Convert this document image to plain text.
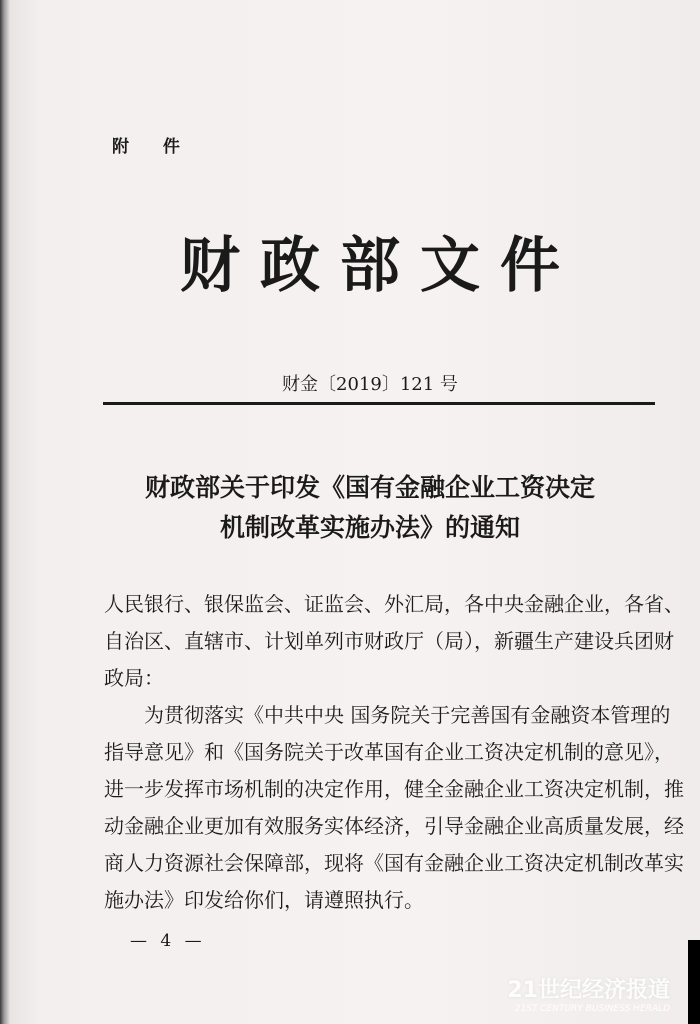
附 件
财政部文件
财金〔2019〕121 号
财政部关于印发《国有金融企业工资决定
机制改革实施办法》的通知

人民银行、银保监会、证监会、外汇局，各中央金融企业，各省、自治区、直辖市、计划单列市财政厅（局），新疆生产建设兵团财政局：

为贯彻落实《中共中央 国务院关于完善国有金融资本管理的指导意见》和《国务院关于改革国有企业工资决定机制的意见》，进一步发挥市场机制的决定作用，健全金融企业工资决定机制，推动金融企业更加有效服务实体经济，引导金融企业高质量发展，经商人力资源社会保障部，现将《国有金融企业工资决定机制改革实施办法》印发给你们，请遵照执行。

— 4 —
21世纪经济报道
21ST CENTURY BUSINESS HERALD
